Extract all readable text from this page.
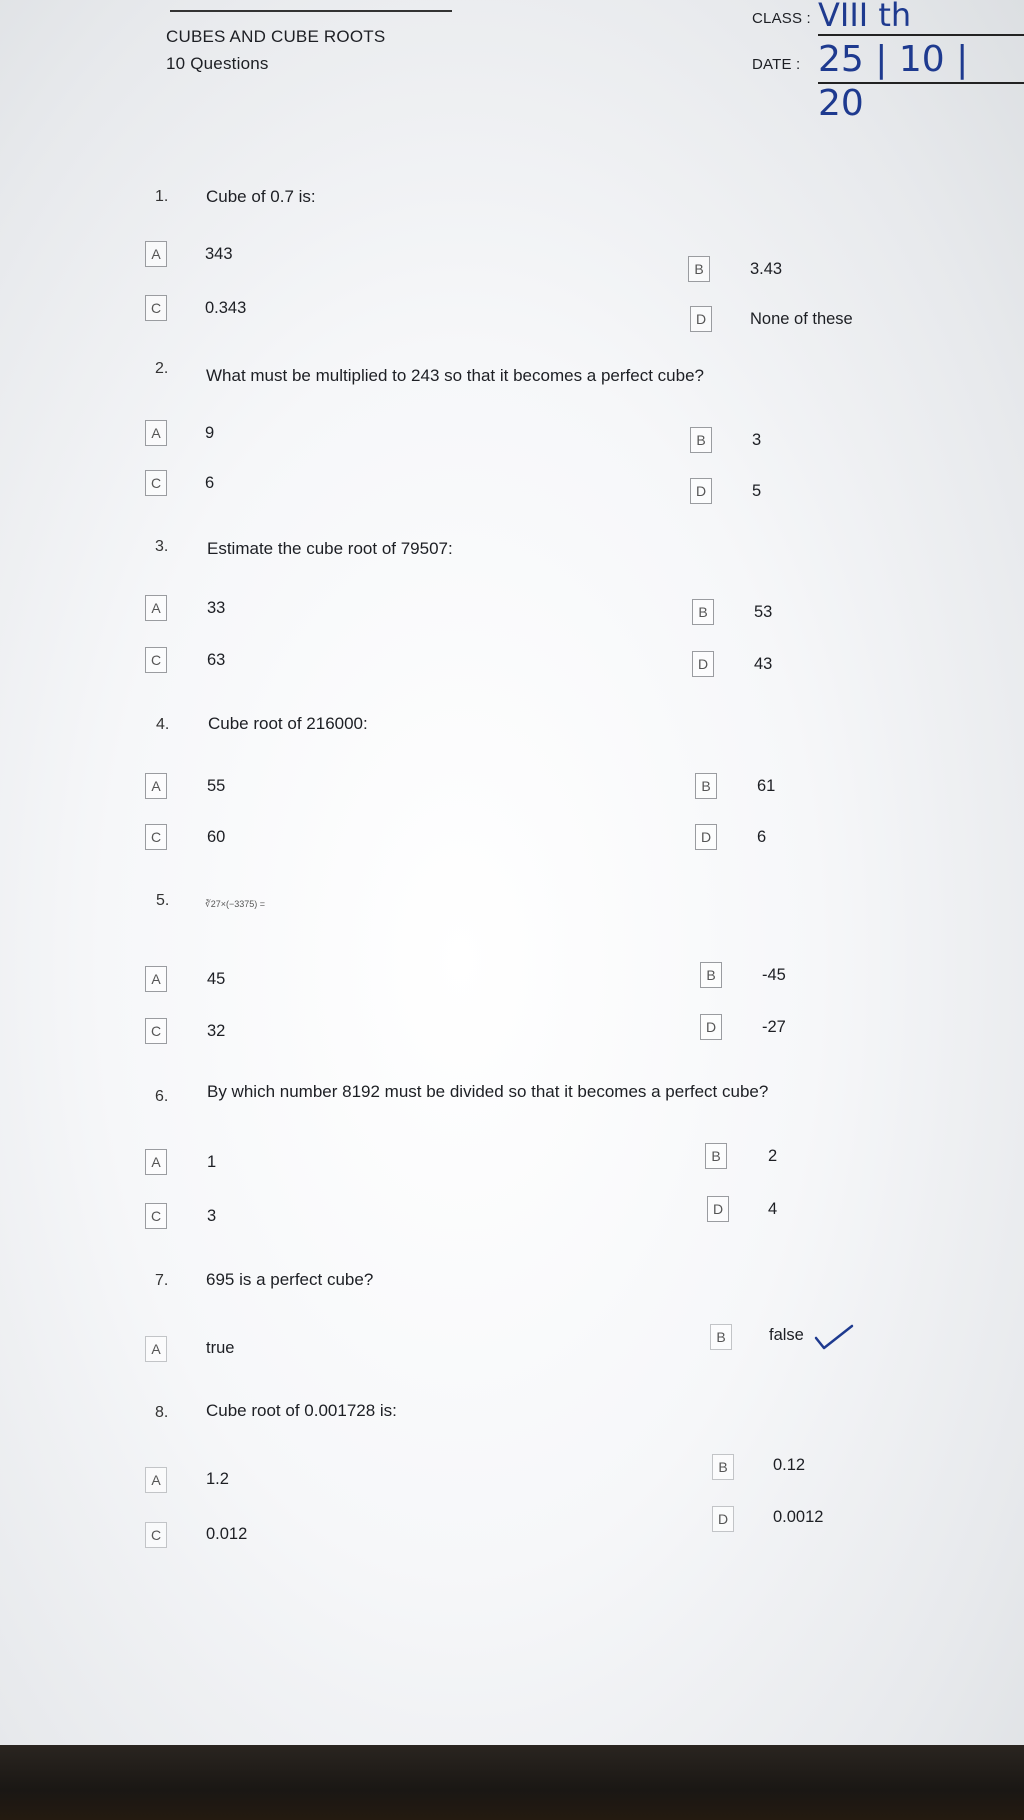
CUBES AND CUBE ROOTS
10 Questions
CLASS : VIII th
DATE : 25 | 10 | 20
1. Cube of 0.7 is:
A	343
B	3.43
C	0.343
D	None of these
2. What must be multiplied to 243 so that it becomes a perfect cube?
A	9	B	3
C	6	D	5
3. Estimate the cube root of 79507:
A	33	B	53
C	63	D	43
4. Cube root of 216000:
A	55	B	61
C	60	D	6
5.	∛27×(−3375) =
A	45	B	-45
C	32	D	-27
6. By which number 8192 must be divided so that it becomes a perfect cube?
A	1	B	2
C	3	D	4
7. 695 is a perfect cube?
A	true
B	false
8. Cube root of 0.001728 is:
A	1.2
B	0.12
C	0.012
D	0.0012
